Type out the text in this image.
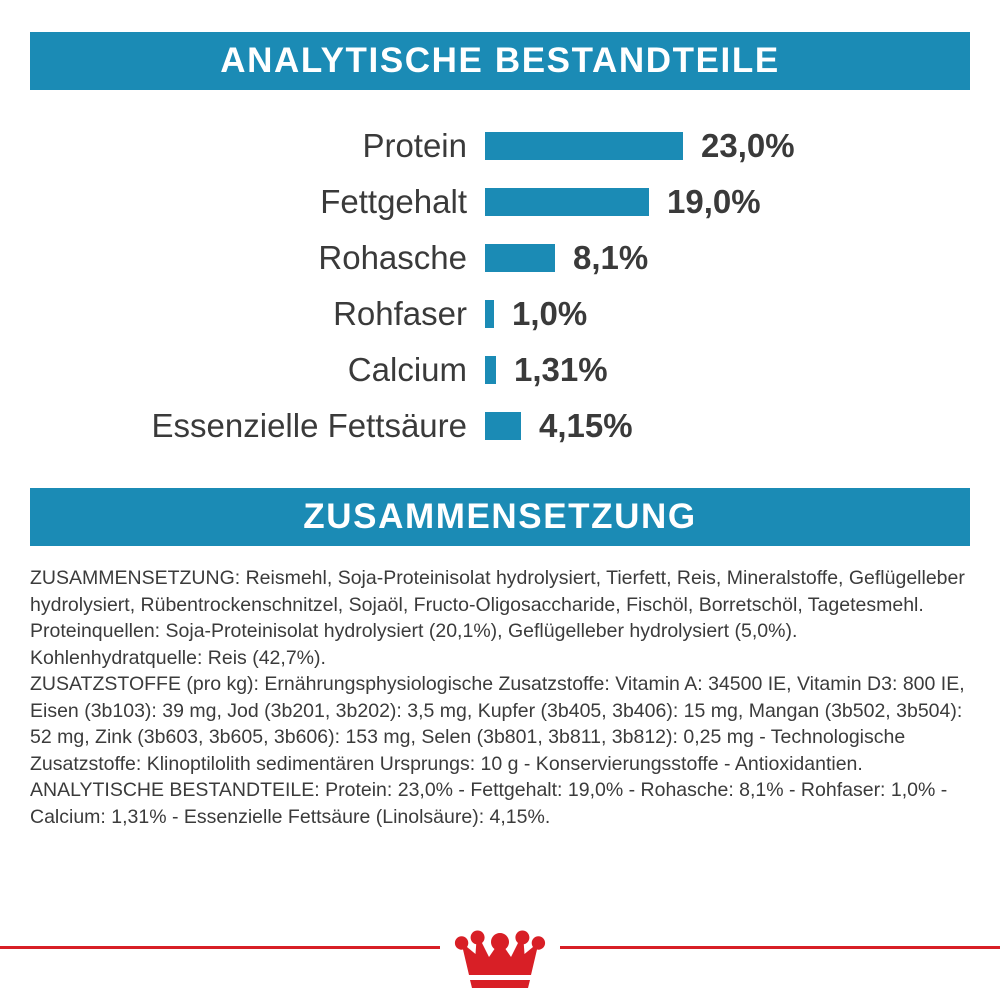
ANALYTISCHE BESTANDTEILE
Protein	23,0%
Fettgehalt	19,0%
Rohasche	8,1%
Rohfaser	1,0%
Calcium	1,31%
Essenzielle Fettsäure	4,15%
ZUSAMMENSETZUNG

ZUSAMMENSETZUNG: Reismehl, Soja-Proteinisolat hydrolysiert, Tierfett, Reis, Mineralstoffe, Geflügelleber hydrolysiert, Rübentrockenschnitzel, Sojaöl, Fructo-Oligosaccharide, Fischöl, Borretschöl, Tagetesmehl. Proteinquellen: Soja-Proteinisolat hydrolysiert (20,1%), Geflügelleber hydrolysiert (5,0%). Kohlenhydratquelle: Reis (42,7%).

ZUSATZSTOFFE (pro kg): Ernährungsphysiologische Zusatzstoffe: Vitamin A: 34500 IE, Vitamin D3: 800 IE, Eisen (3b103): 39 mg, Jod (3b201, 3b202): 3,5 mg, Kupfer (3b405, 3b406): 15 mg, Mangan (3b502, 3b504): 52 mg, Zink (3b603, 3b605, 3b606): 153 mg, Selen (3b801, 3b811, 3b812): 0,25 mg - Technologische Zusatzstoffe: Klinoptilolith sedimentären Ursprungs: 10 g - Konservierungsstoffe - Antioxidantien.

ANALYTISCHE BESTANDTEILE: Protein: 23,0% - Fettgehalt: 19,0% - Rohasche: 8,1% - Rohfaser: 1,0% - Calcium: 1,31% - Essenzielle Fettsäure (Linolsäure): 4,15%.
